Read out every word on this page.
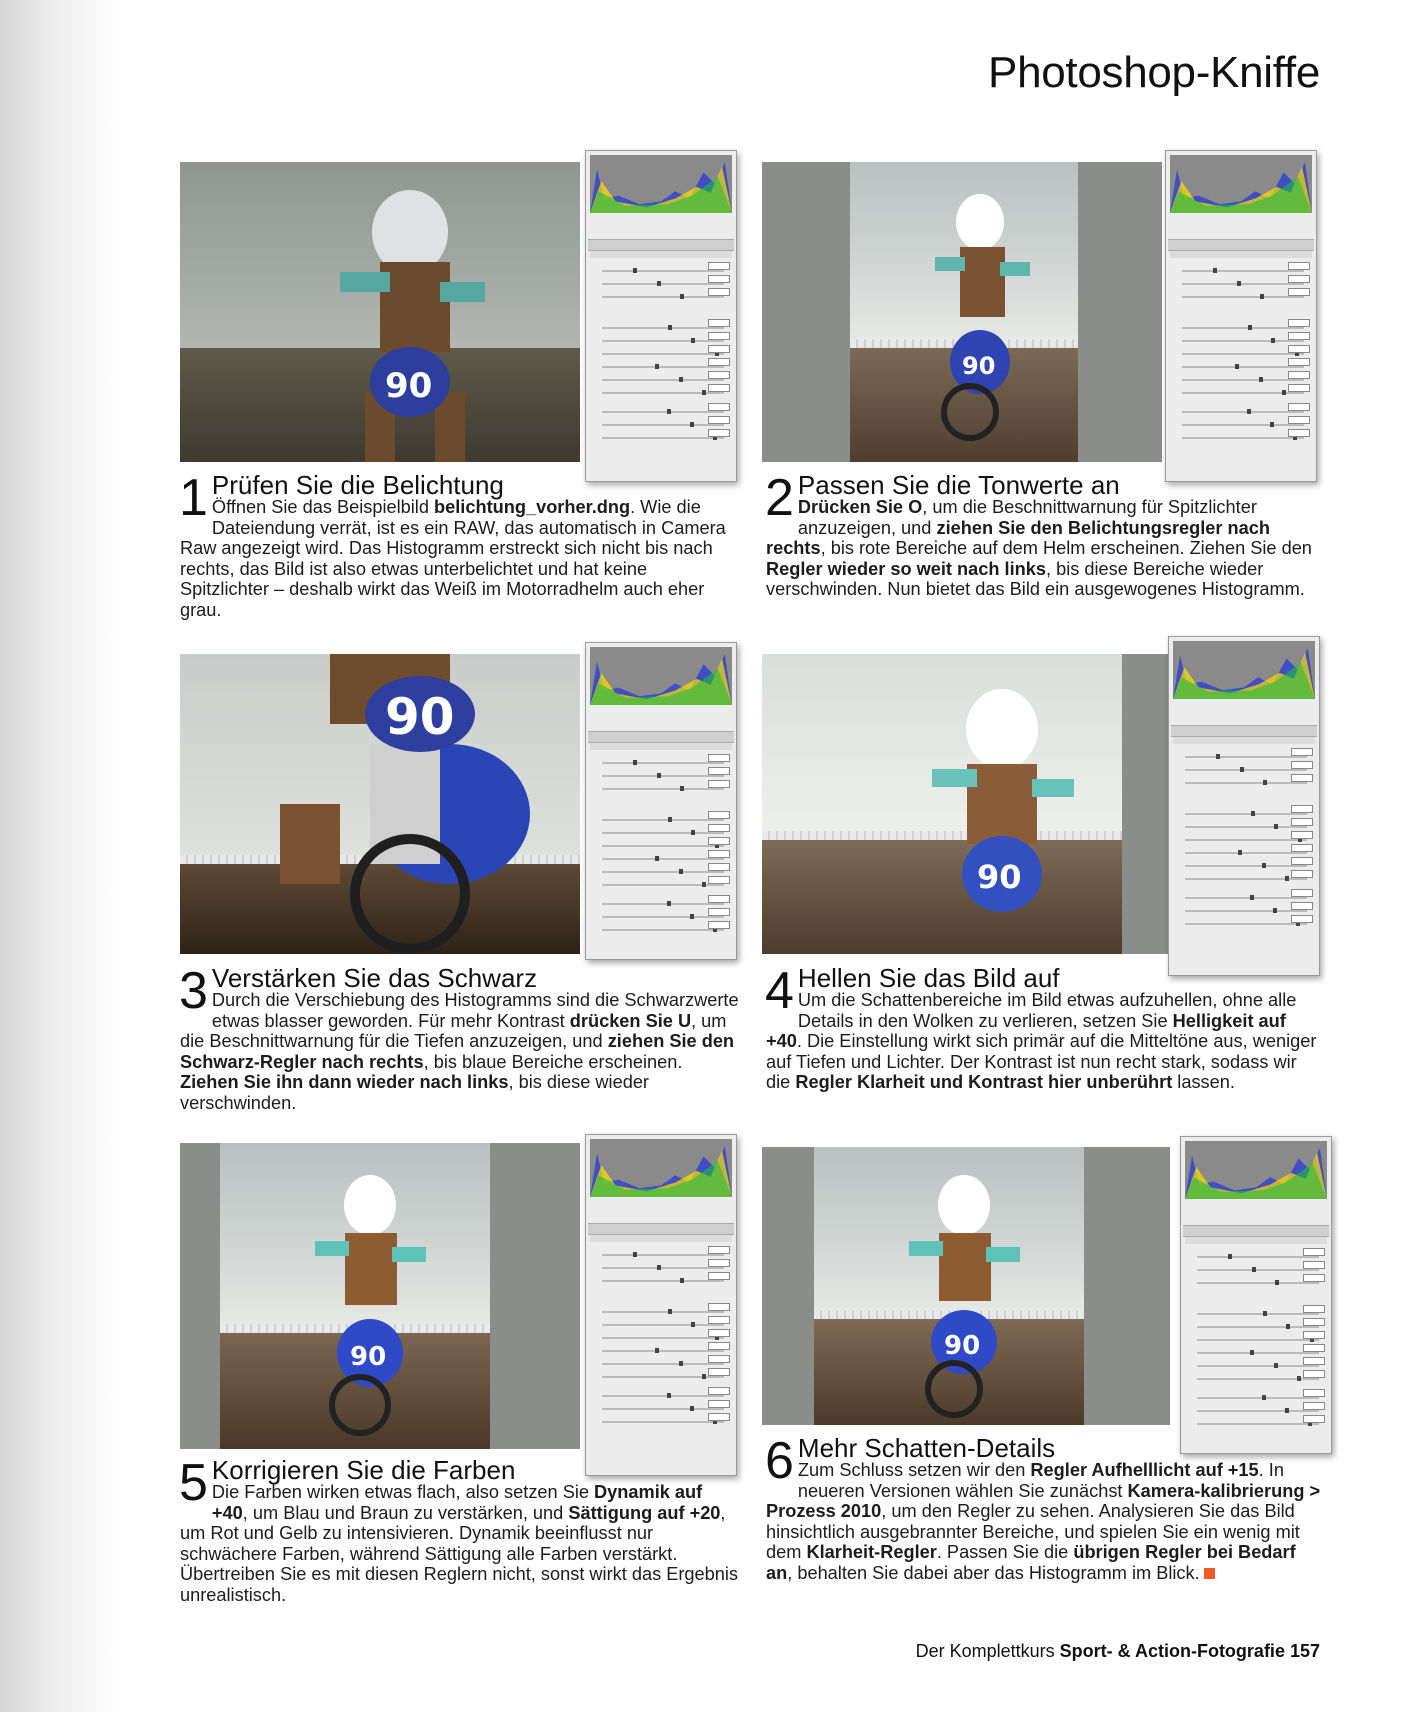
Photoshop-Kniffe
90	90
90
90
90	90
1 Prüfen Sie die Belichtung
Öffnen Sie das Beispielbild belichtung_vorher.dng. Wie die Dateiendung verrät, ist es ein RAW, das automatisch in Camera Raw angezeigt wird. Das Histogramm erstreckt sich nicht bis nach rechts, das Bild ist also etwas unterbelichtet und hat keine Spitzlichter – deshalb wirkt das Weiß im Motorradhelm auch eher grau.
2 Passen Sie die Tonwerte an
Drücken Sie O, um die Beschnittwarnung für Spitzlichter anzuzeigen, und ziehen Sie den Belichtungsregler nach rechts, bis rote Bereiche auf dem Helm erscheinen. Ziehen Sie den Regler wieder so weit nach links, bis diese Bereiche wieder verschwinden. Nun bietet das Bild ein ausgewogenes Histogramm.
3 Verstärken Sie das Schwarz
Durch die Verschiebung des Histogramms sind die Schwarzwerte etwas blasser geworden. Für mehr Kontrast drücken Sie U, um die Beschnittwarnung für die Tiefen anzuzeigen, und ziehen Sie den Schwarz-Regler nach rechts, bis blaue Bereiche erscheinen. Ziehen Sie ihn dann wieder nach links, bis diese wieder verschwinden.
4 Hellen Sie das Bild auf
Um die Schattenbereiche im Bild etwas aufzuhellen, ohne alle Details in den Wolken zu verlieren, setzen Sie Helligkeit auf +40. Die Einstellung wirkt sich primär auf die Mitteltöne aus, weniger auf Tiefen und Lichter. Der Kontrast ist nun recht stark, sodass wir die Regler Klarheit und Kontrast hier unberührt lassen.
5 Korrigieren Sie die Farben
Die Farben wirken etwas flach, also setzen Sie Dynamik auf +40, um Blau und Braun zu verstärken, und Sättigung auf +20, um Rot und Gelb zu intensivieren. Dynamik beeinflusst nur schwächere Farben, während Sättigung alle Farben verstärkt. Übertreiben Sie es mit diesen Reglern nicht, sonst wirkt das Ergebnis unrealistisch.
6 Mehr Schatten-Details
Zum Schluss setzen wir den Regler Aufhelllicht auf +15. In neueren Versionen wählen Sie zunächst Kamera-kalibrierung > Prozess 2010, um den Regler zu sehen. Analysieren Sie das Bild hinsichtlich ausgebrannter Bereiche, und spielen Sie ein wenig mit dem Klarheit-Regler. Passen Sie die übrigen Regler bei Bedarf an, behalten Sie dabei aber das Histogramm im Blick.
Der Komplettkurs Sport- & Action-Fotografie 157
